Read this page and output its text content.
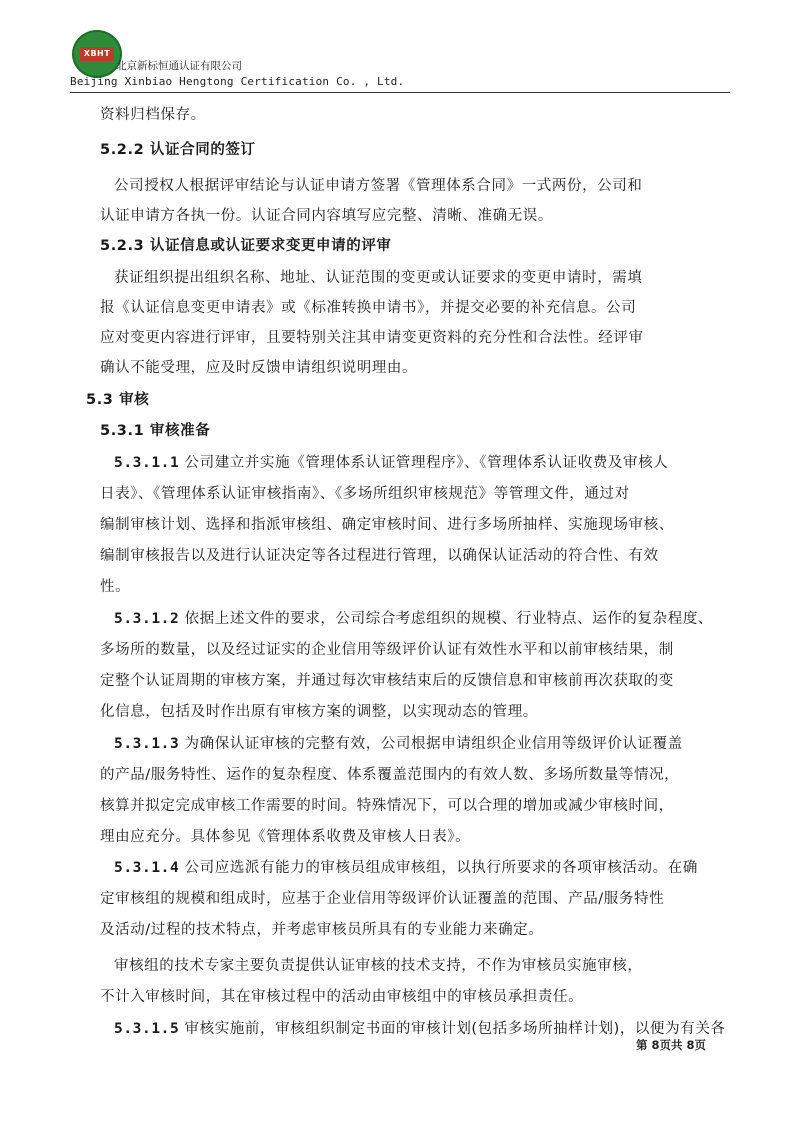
XBHT
北京新标恒通认证有限公司
Beijing Xinbiao Hengtong Certification Co. , Ltd.
资料归档保存。
5.2.2 认证合同的签订
公司授权人根据评审结论与认证申请方签署《管理体系合同》一式两份，公司和
认证申请方各执一份。认证合同内容填写应完整、清晰、准确无误。
5.2.3 认证信息或认证要求变更申请的评审
获证组织提出组织名称、地址、认证范围的变更或认证要求的变更申请时，需填
报《认证信息变更申请表》或《标准转换申请书》，并提交必要的补充信息。公司
应对变更内容进行评审，且要特别关注其申请变更资料的充分性和合法性。经评审
确认不能受理，应及时反馈申请组织说明理由。
5.3 审核
5.3.1 审核准备
5.3.1.1 公司建立并实施《管理体系认证管理程序》、《管理体系认证收费及审核人
日表》、《管理体系认证审核指南》、《多场所组织审核规范》等管理文件，通过对
编制审核计划、选择和指派审核组、确定审核时间、进行多场所抽样、实施现场审核、
编制审核报告以及进行认证决定等各过程进行管理，以确保认证活动的符合性、有效
性。
5.3.1.2 依据上述文件的要求，公司综合考虑组织的规模、行业特点、运作的复杂程度、
多场所的数量，以及经过证实的企业信用等级评价认证有效性水平和以前审核结果，制
定整个认证周期的审核方案，并通过每次审核结束后的反馈信息和审核前再次获取的变
化信息，包括及时作出原有审核方案的调整，以实现动态的管理。
5.3.1.3 为确保认证审核的完整有效，公司根据申请组织企业信用等级评价认证覆盖
的产品/服务特性、运作的复杂程度、体系覆盖范围内的有效人数、多场所数量等情况，
核算并拟定完成审核工作需要的时间。特殊情况下，可以合理的增加或减少审核时间，
理由应充分。具体参见《管理体系收费及审核人日表》。
5.3.1.4 公司应选派有能力的审核员组成审核组，以执行所要求的各项审核活动。在确
定审核组的规模和组成时，应基于企业信用等级评价认证覆盖的范围、产品/服务特性
及活动/过程的技术特点，并考虑审核员所具有的专业能力来确定。
审核组的技术专家主要负责提供认证审核的技术支持，不作为审核员实施审核，
不计入审核时间，其在审核过程中的活动由审核组中的审核员承担责任。
5.3.1.5 审核实施前，审核组织制定书面的审核计划(包括多场所抽样计划)，以便为有关各
第 8页共 8页
